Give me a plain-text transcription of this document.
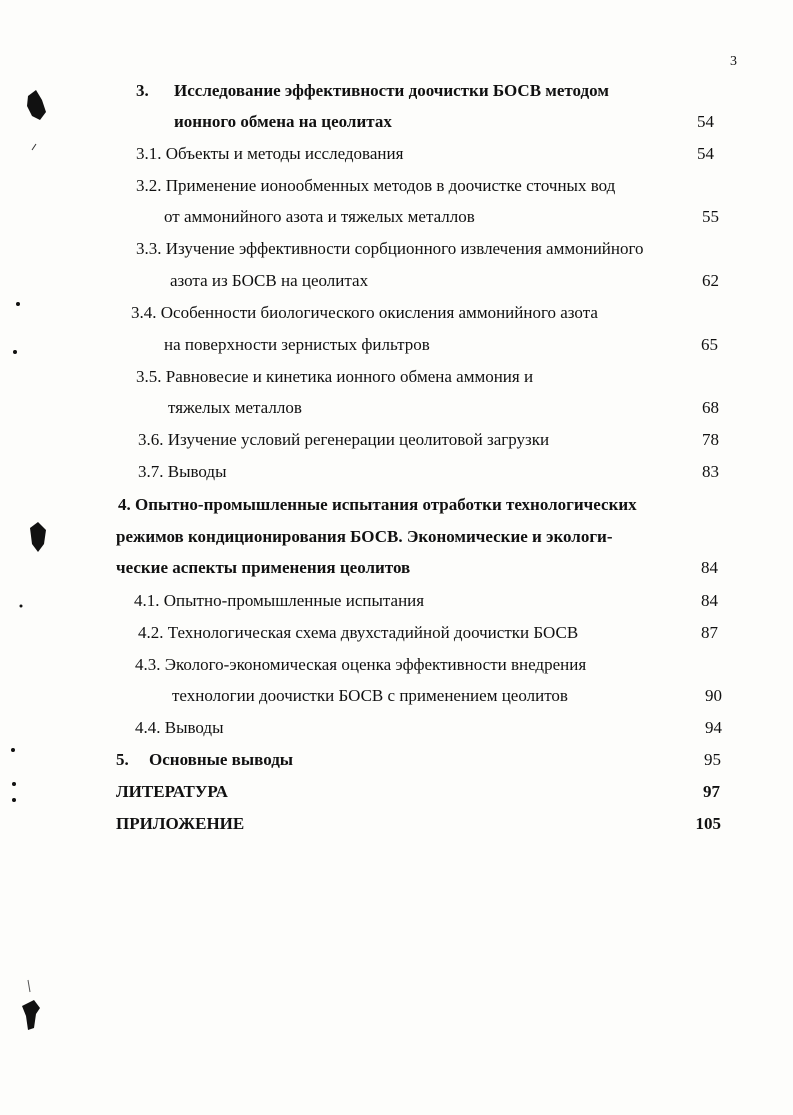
3
3. Исследование эффективности доочистки БОСВ методом
ионного обмена на цеолитах	54
3.1. Объекты и методы исследования	54
3.2. Применение ионообменных методов в доочистке сточных вод
от аммонийного азота и тяжелых металлов	55
3.3. Изучение эффективности сорбционного извлечения аммонийного
азота из БОСВ на цеолитах	62
3.4. Особенности биологического окисления аммонийного азота
на поверхности зернистых фильтров	65
3.5. Равновесие и кинетика ионного обмена аммония и
тяжелых металлов	68
3.6. Изучение условий регенерации цеолитовой загрузки	78
3.7. Выводы	83
4. Опытно-промышленные испытания отработки технологических
режимов кондиционирования БОСВ. Экономические и экологи-
ческие аспекты применения цеолитов	84
4.1. Опытно-промышленные испытания	84
4.2. Технологическая схема двухстадийной доочистки БОСВ	87
4.3. Эколого-экономическая оценка эффективности внедрения
технологии доочистки БОСВ с применением цеолитов	90
4.4. Выводы	94
5. Основные выводы	95
ЛИТЕРАТУРА	97
ПРИЛОЖЕНИЕ	105
